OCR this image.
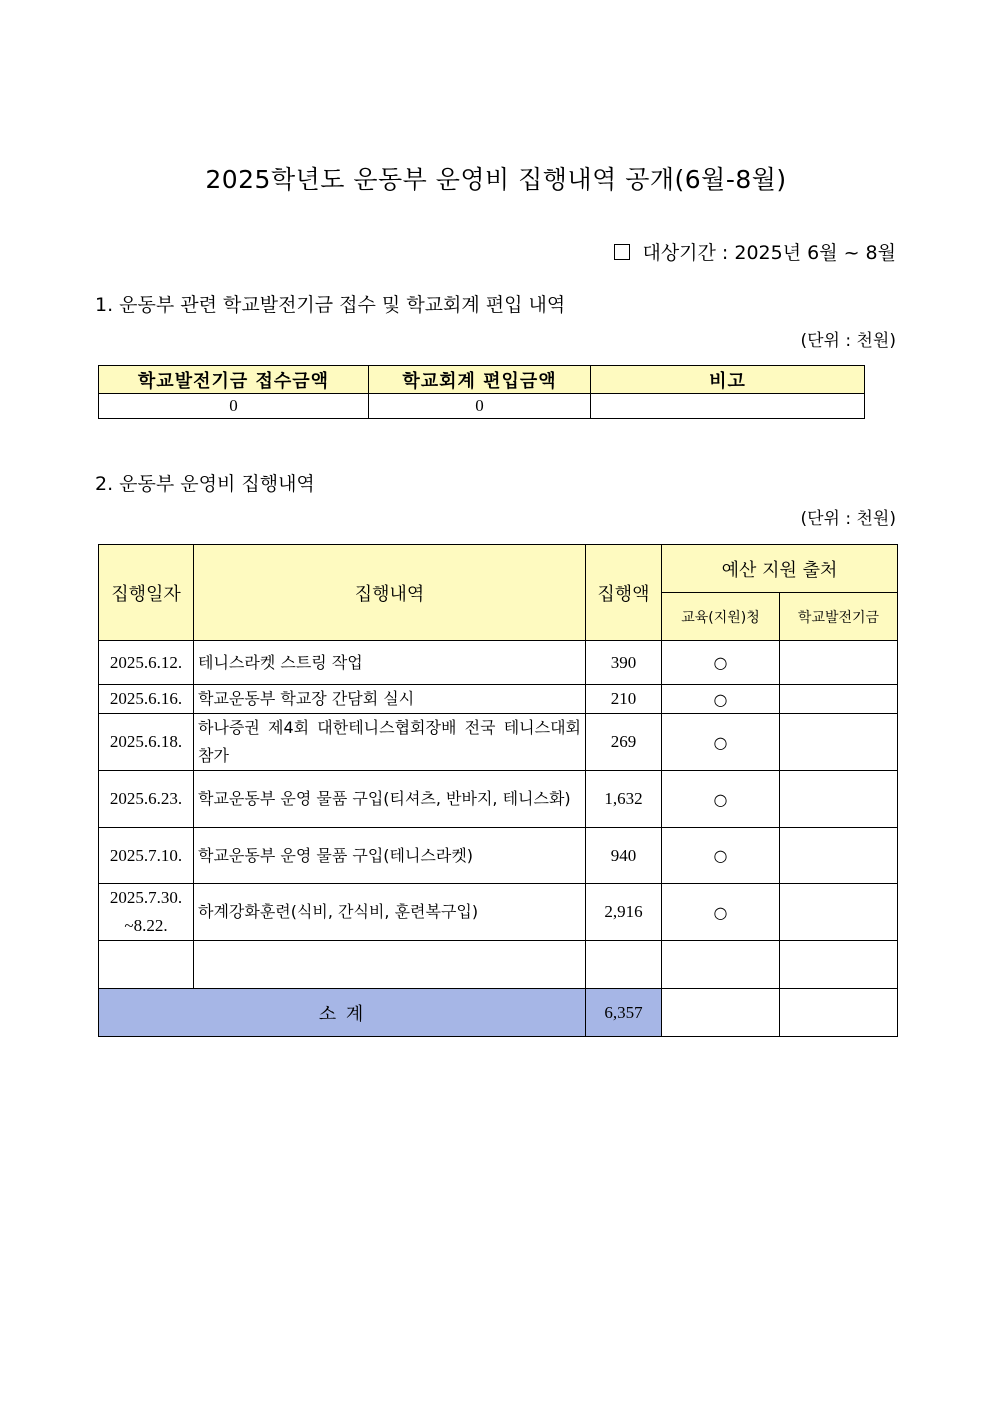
2025학년도 운동부 운영비 집행내역 공개(6월-8월)
대상기간 : 2025년 6월 ~ 8월
1. 운동부 관련 학교발전기금 접수 및 학교회계 편입 내역
(단위 : 천원)
학교발전기금 접수금액	학교회계 편입금액	비고
0	0	
2. 운동부 운영비 집행내역
(단위 : 천원)
집행일자	집행내역	집행액	예산 지원 출처	
			교육(지원)청	학교발전기금
2025.6.12.	테니스라켓 스트링 작업	390	○	
2025.6.16.	학교운동부 학교장 간담회 실시	210	○	
2025.6.18.	하나증권 제4회 대한테니스협회장배 전국 테니스대회 참가	269	○	
2025.6.23.	학교운동부 운영 물품 구입(티셔츠, 반바지, 테니스화)	1,632	○	
2025.7.10.	학교운동부 운영 물품 구입(테니스라켓)	940	○	

2025.7.30.
~8.22.	하계강화훈련(식비, 간식비, 훈련복구입)	2,916	○	

소 계		6,357		
